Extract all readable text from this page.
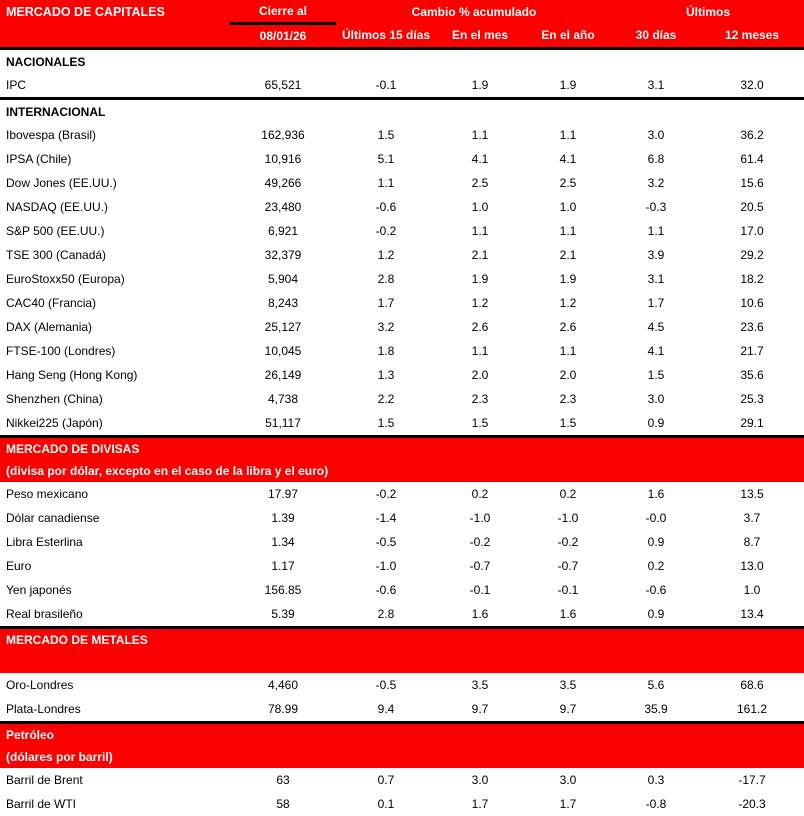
MERCADO DE CAPITALES	Cierre al	Cambio % acumulado			Últimos	
	08/01/26	Últimos 15 días	En el mes	En el año	30 días	12 meses
NACIONALES						
IPC	65,521	-0.1	1.9	1.9	3.1	32.0
INTERNACIONAL						
Ibovespa (Brasil)	162,936	1.5	1.1	1.1	3.0	36.2
IPSA (Chile)	10,916	5.1	4.1	4.1	6.8	61.4
Dow Jones (EE.UU.)	49,266	1.1	2.5	2.5	3.2	15.6
NASDAQ (EE.UU.)	23,480	-0.6	1.0	1.0	-0.3	20.5
S&P 500 (EE.UU.)	6,921	-0.2	1.1	1.1	1.1	17.0
TSE 300 (Canadá)	32,379	1.2	2.1	2.1	3.9	29.2
EuroStoxx50 (Europa)	5,904	2.8	1.9	1.9	3.1	18.2
CAC40 (Francia)	8,243	1.7	1.2	1.2	1.7	10.6
DAX (Alemania)	25,127	3.2	2.6	2.6	4.5	23.6
FTSE-100 (Londres)	10,045	1.8	1.1	1.1	4.1	21.7
Hang Seng (Hong Kong)	26,149	1.3	2.0	2.0	1.5	35.6
Shenzhen (China)	4,738	2.2	2.3	2.3	3.0	25.3
Nikkei225 (Japón)	51,117	1.5	1.5	1.5	0.9	29.1
MERCADO DE DIVISAS						
(divisa por dólar, excepto en el caso de la libra y el euro)						
Peso mexicano	17.97	-0.2	0.2	0.2	1.6	13.5
Dólar canadiense	1.39	-1.4	-1.0	-1.0	-0.0	3.7
Libra Esterlina	1.34	-0.5	-0.2	-0.2	0.9	8.7
Euro	1.17	-1.0	-0.7	-0.7	0.2	13.0
Yen japonés	156.85	-0.6	-0.1	-0.1	-0.6	1.0
Real brasileño	5.39	2.8	1.6	1.6	0.9	13.4
MERCADO DE METALES						

Oro-Londres	4,460	-0.5	3.5	3.5	5.6	68.6
Plata-Londres	78.99	9.4	9.7	9.7	35.9	161.2
Petróleo						
(dólares por barril)						
Barril de Brent	63	0.7	3.0	3.0	0.3	-17.7
Barril de WTI	58	0.1	1.7	1.7	-0.8	-20.3
